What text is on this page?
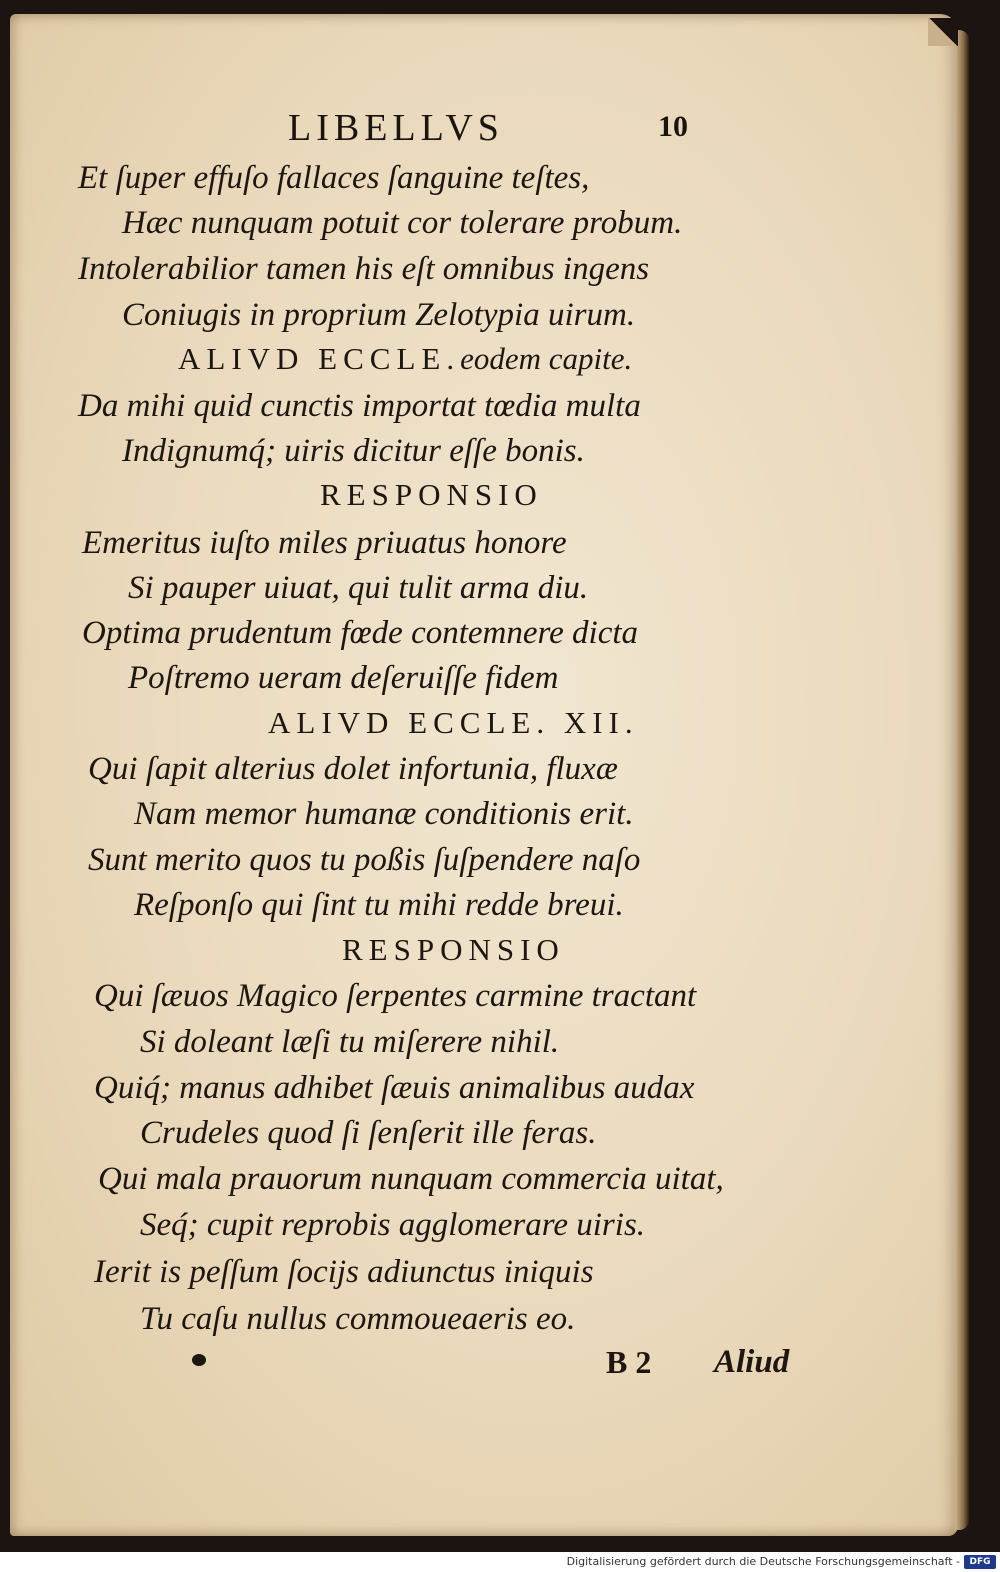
LIBELLVS	10
Et ſuper effuſo fallaces ſanguine teſtes,
Hæc nunquam potuit cor tolerare probum.
Intolerabilior tamen his eſt omnibus ingens
Coniugis in proprium Zelotypia uirum.
ALIVD ECCLE.eodem capite.
Da mihi quid cunctis importat tœdia multa
Indignumq́; uiris dicitur eſſe bonis.
RESPONSIO
Emeritus iuſto miles priuatus honore
Si pauper uiuat, qui tulit arma diu.
Optima prudentum fœde contemnere dicta
Poſtremo ueram deſeruiſſe fidem
ALIVD ECCLE. XII.
Qui ſapit alterius dolet infortunia, fluxæ
Nam memor humanæ conditionis erit.
Sunt merito quos tu poßis ſuſpendere naſo
Reſponſo qui ſint tu mihi redde breui.
RESPONSIO
Qui ſæuos Magico ſerpentes carmine tractant
Si doleant læſi tu miſerere nihil.
Quiq́; manus adhibet ſæuis animalibus audax
Crudeles quod ſi ſenſerit ille feras.
Qui mala prauorum nunquam commercia uitat,
Seq́; cupit reprobis agglomerare uiris.
Ierit is peſſum ſocijs adiunctus iniquis
Tu caſu nullus commoueaeris eo.
B 2 Aliud
Digitalisierung gefördert durch die Deutsche Forschungsgemeinschaft -	DFG
